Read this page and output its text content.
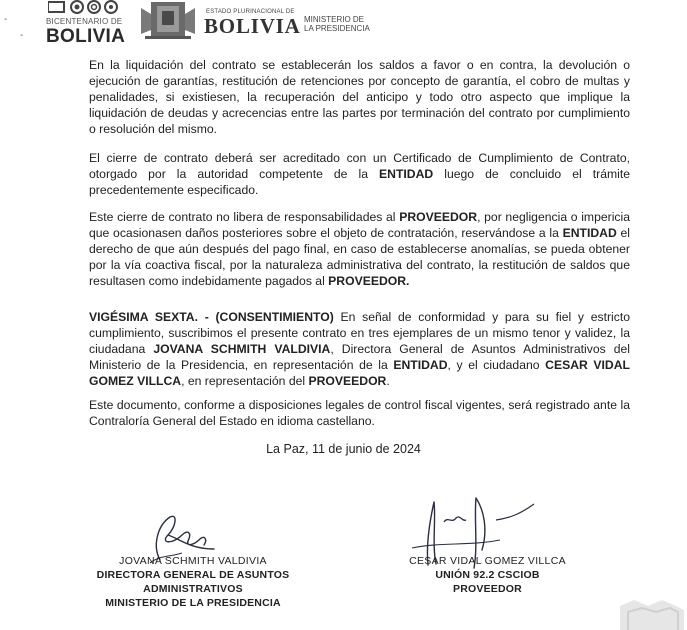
BICENTENARIO DE
BOLIVIA
ESTADO PLURINACIONAL DE
BOLIVIA MINISTERIO DE
LA PRESIDENCIA
-
-

En la liquidación del contrato se establecerán los saldos a favor o en contra, la devolución o ejecución de garantías, restitución de retenciones por concepto de garantía, el cobro de multas y penalidades, si existiesen, la recuperación del anticipo y todo otro aspecto que implique la liquidación de deudas y acrecencias entre las partes por terminación del contrato por cumplimiento o resolución del mismo.

El cierre de contrato deberá ser acreditado con un Certificado de Cumplimiento de Contrato, otorgado por la autoridad competente de la ENTIDAD luego de concluido el trámite precedentemente especificado.

Este cierre de contrato no libera de responsabilidades al PROVEEDOR, por negligencia o impericia que ocasionasen daños posteriores sobre el objeto de contratación, reservándose a la ENTIDAD el derecho de que aún después del pago final, en caso de establecerse anomalías, se pueda obtener por la vía coactiva fiscal, por la naturaleza administrativa del contrato, la restitución de saldos que resultasen como indebidamente pagados al PROVEEDOR.

VIGÉSIMA SEXTA. - (CONSENTIMIENTO) En señal de conformidad y para su fiel y estricto cumplimiento, suscribimos el presente contrato en tres ejemplares de un mismo tenor y validez, la ciudadana JOVANA SCHMITH VALDIVIA, Directora General de Asuntos Administrativos del Ministerio de la Presidencia, en representación de la ENTIDAD, y el ciudadano CESAR VIDAL GOMEZ VILLCA, en representación del PROVEEDOR.

Este documento, conforme a disposiciones legales de control fiscal vigentes, será registrado ante la Contraloría General del Estado en idioma castellano.

La Paz, 11 de junio de 2024
JOVANA SCHMITH VALDIVIA
DIRECTORA GENERAL DE ASUNTOS
ADMINISTRATIVOS
MINISTERIO DE LA PRESIDENCIA
CESAR VIDAL GOMEZ VILLCA
UNIÓN 92.2 CSCIOB
PROVEEDOR
